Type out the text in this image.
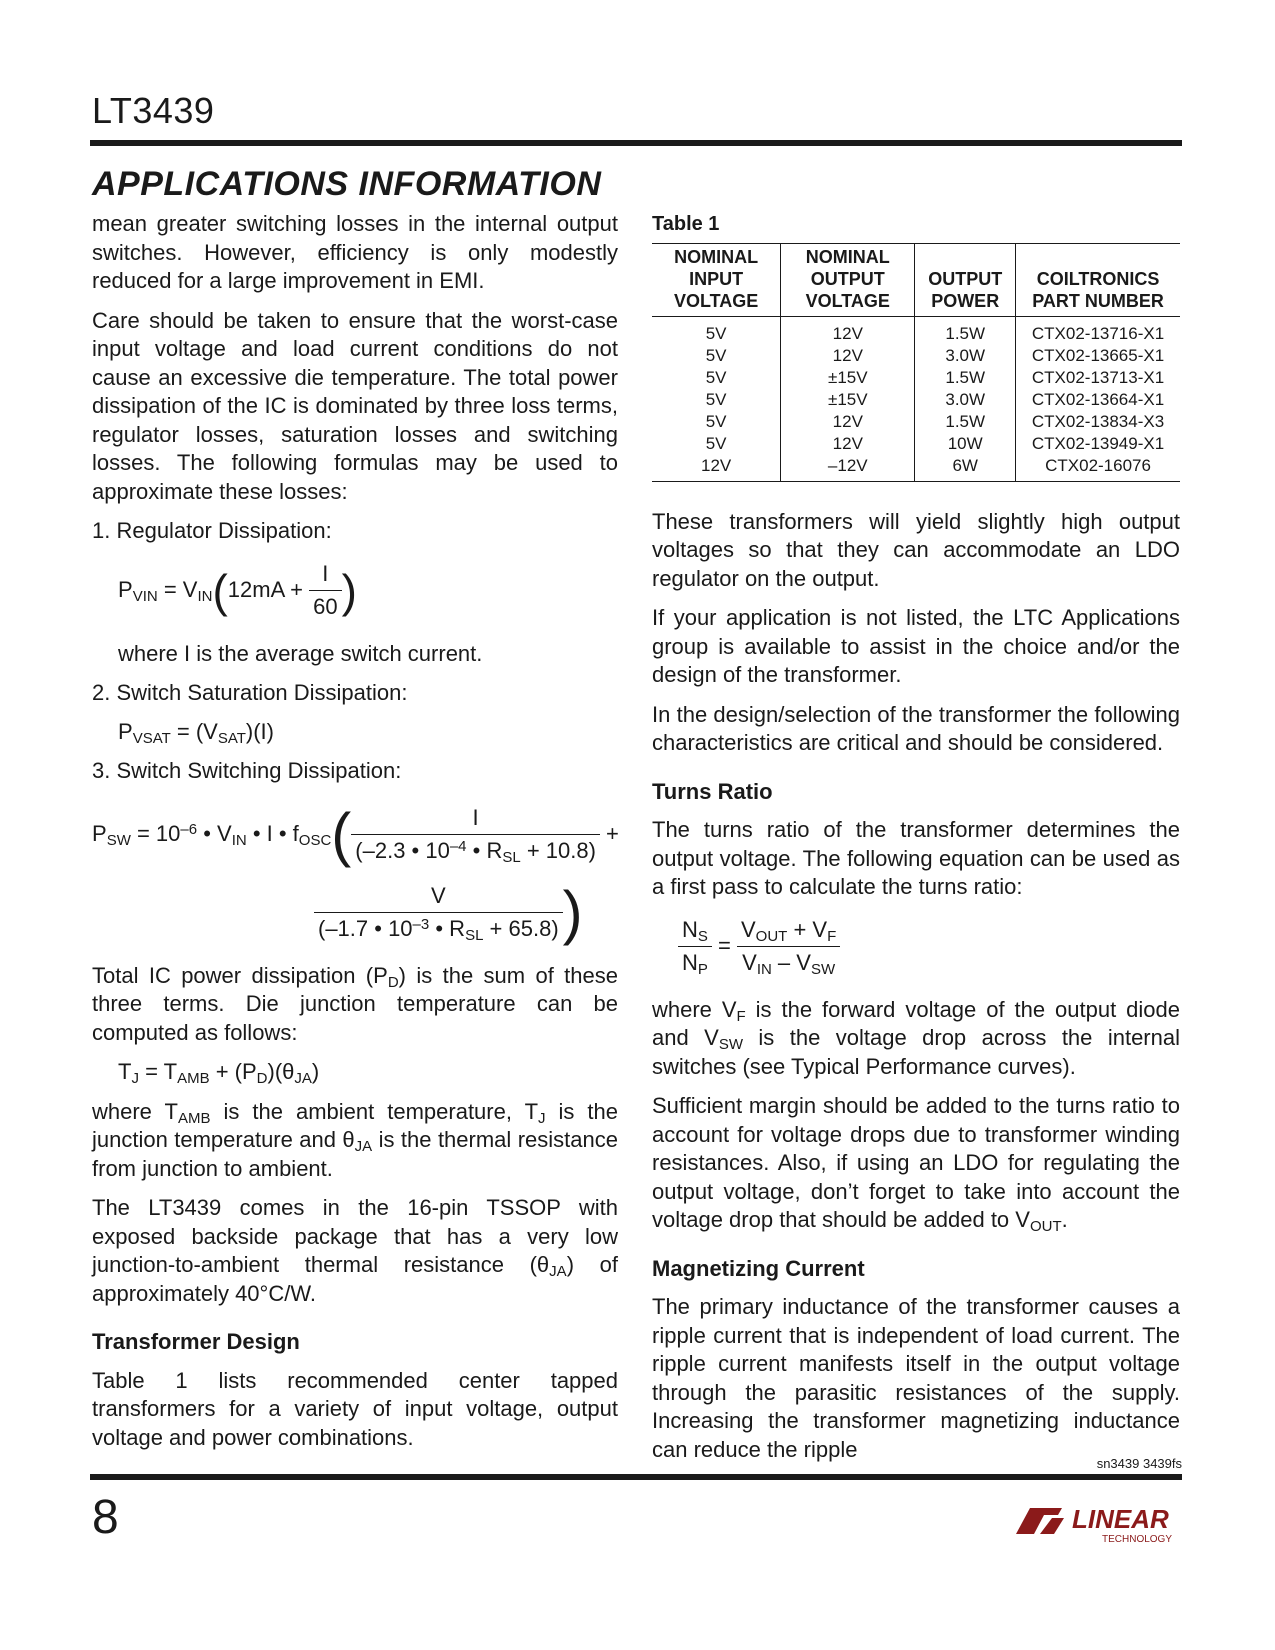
LT3439
APPLICATIONS INFORMATION

mean greater switching losses in the internal output switches. However, efficiency is only modestly reduced for a large improvement in EMI.

Care should be taken to ensure that the worst-case input voltage and load current conditions do not cause an excessive die temperature. The total power dissipation of the IC is dominated by three loss terms, regulator losses, saturation losses and switching losses. The following formulas may be used to approximate these losses:

1. Regulator Dissipation:
$P_{VIN} = V_{IN}(12mA + \frac{I}{60}$ )
where I is the average switch current.
2. Switch Saturation Dissipation:
$P_{VSAT} = (V_{SAT})(I)$
3. Switch Switching Dissipation:
$P_{SW} = 10^{-6}$ • $V_{IN}$ • I • $f_{OSC}( \frac{I}{(-2.3 • 10^{-4} • R_{SL} + 10.8)}$ +
$\frac{V}{(-1.7 • 10^{-3} • R_{SL} + 65.8)}$ )

Total IC power dissipation $(P_D)$ is the sum of these three terms. Die junction temperature can be computed as follows:

$T_J = T_{AMB} + (P_D)(\theta_{JA})$

where $T_{AMB}$ is the ambient temperature, $T_J$ is the junction temperature and $\theta_{JA}$ is the thermal resistance from junction to ambient.

The LT3439 comes in the 16-pin TSSOP with exposed backside package that has a very low junction-to-ambient thermal resistance $(\theta_{JA})$ of approximately 40°C/W.

Transformer Design

Table 1 lists recommended center tapped transformers for a variety of input voltage, output voltage and power combinations.

Table 1
NOMINAL INPUT VOLTAGE	NOMINAL OUTPUT VOLTAGE	OUTPUT POWER	COILTRONICS PART NUMBER
5V	12V	1.5W	CTX02-13716-X1
5V	12V	3.0W	CTX02-13665-X1
5V	±15V	1.5W	CTX02-13713-X1
5V	±15V	3.0W	CTX02-13664-X1
5V	12V	1.5W	CTX02-13834-X3
5V	12V	10W	CTX02-13949-X1
12V	–12V	6W	CTX02-16076

These transformers will yield slightly high output voltages so that they can accommodate an LDO regulator on the output.

If your application is not listed, the LTC Applications group is available to assist in the choice and/or the design of the transformer.

In the design/selection of the transformer the following characteristics are critical and should be considered.

Turns Ratio

The turns ratio of the transformer determines the output voltage. The following equation can be used as a first pass to calculate the turns ratio:

$\frac{N_S}{N_P} = \frac{V_{OUT} + V_F}{V_{IN} - V_{SW}}$

where $V_F$ is the forward voltage of the output diode and $V_{SW}$ is the voltage drop across the internal switches (see Typical Performance curves).

Sufficient margin should be added to the turns ratio to account for voltage drops due to transformer winding resistances. Also, if using an LDO for regulating the output voltage, don’t forget to take into account the voltage drop that should be added to $V_{OUT}$.

Magnetizing Current

The primary inductance of the transformer causes a ripple current that is independent of load current. The ripple current manifests itself in the output voltage through the parasitic resistances of the supply. Increasing the transformer magnetizing inductance can reduce the ripple

sn3439 3439fs
8	LINEAR
TECHNOLOGY
